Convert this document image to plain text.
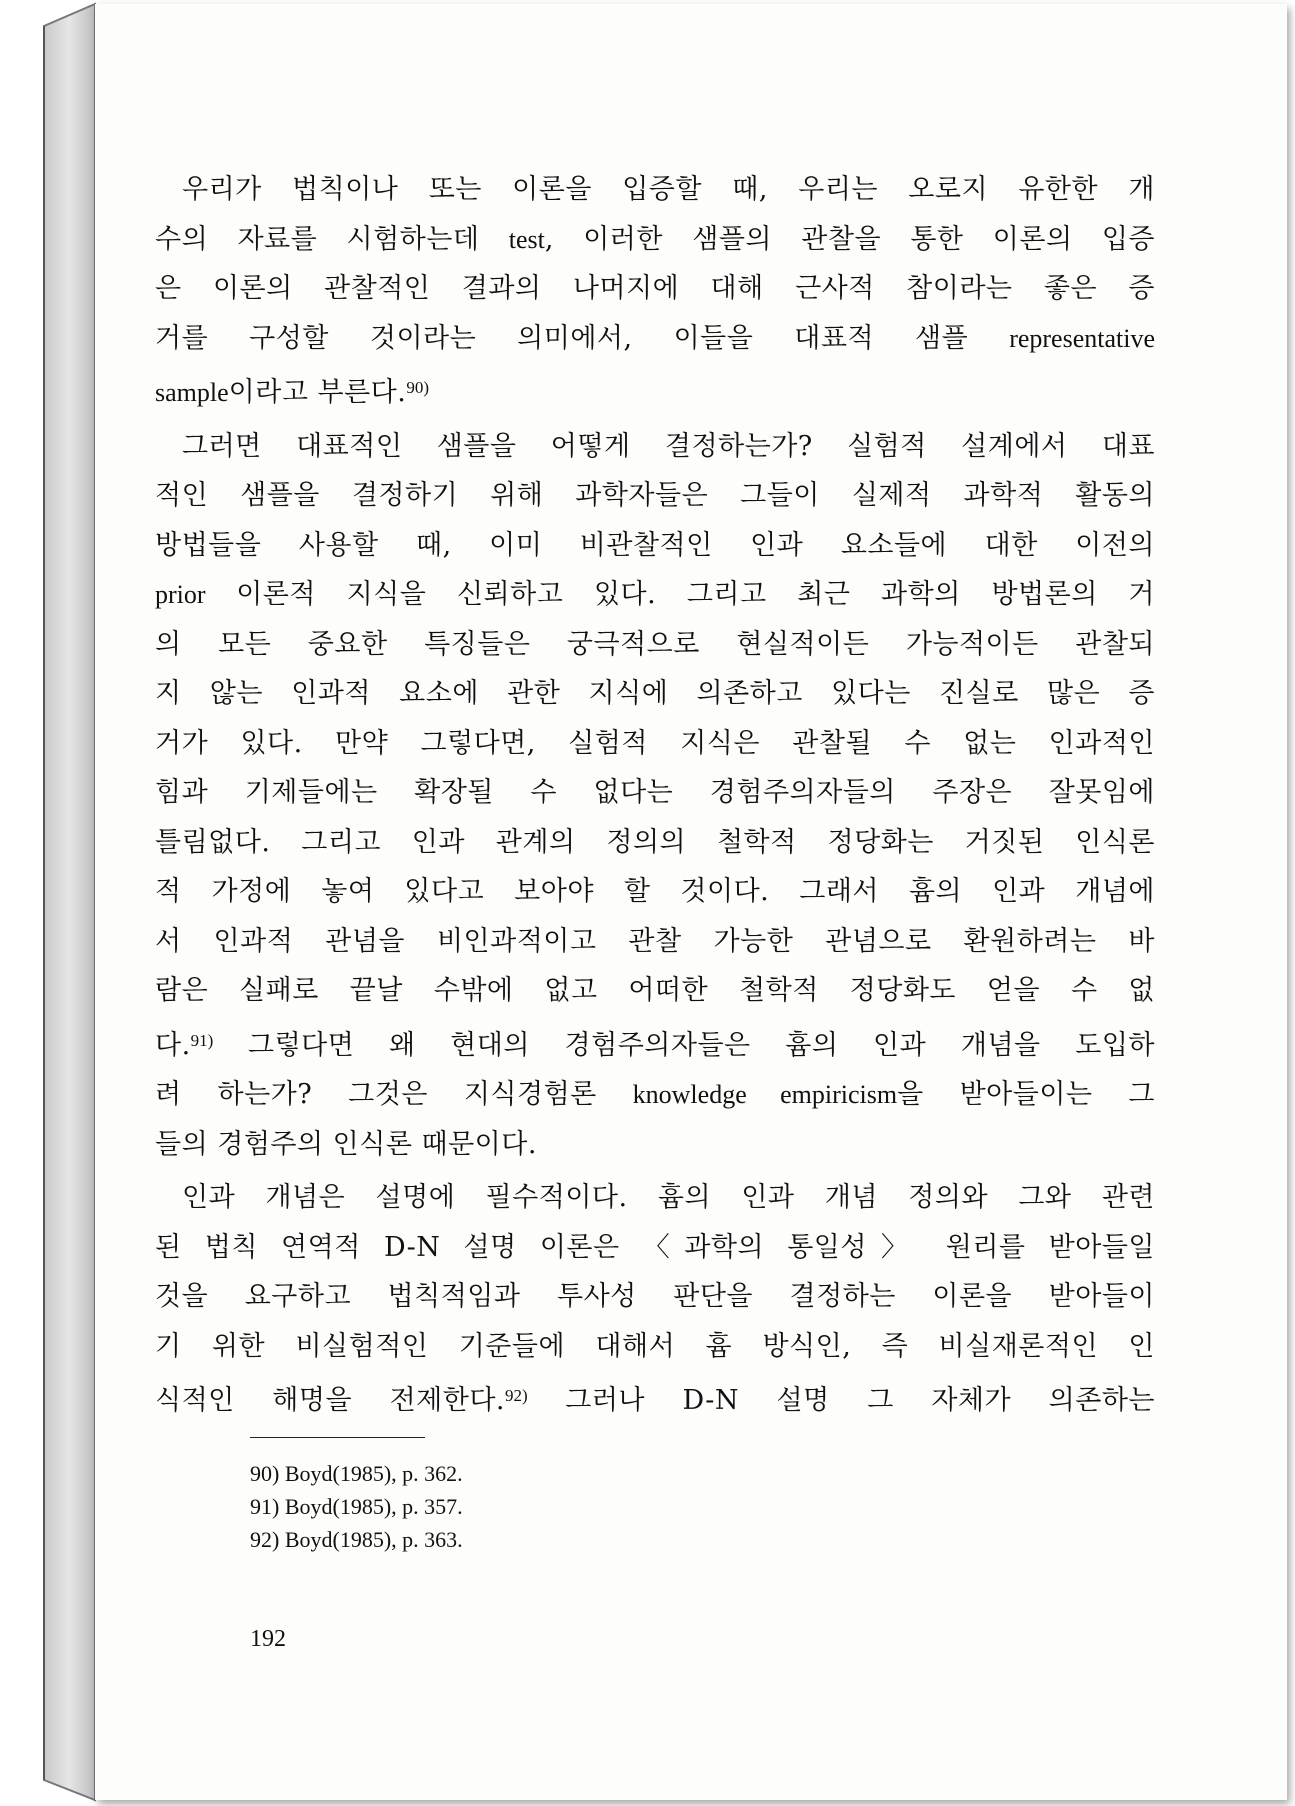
우리가 법칙이나 또는 이론을 입증할 때, 우리는 오로지 유한한 개
수의 자료를 시험하는데 test, 이러한 샘플의 관찰을 통한 이론의 입증
은 이론의 관찰적인 결과의 나머지에 대해 근사적 참이라는 좋은 증
거를 구성할 것이라는 의미에서, 이들을 대표적 샘플 representative
sample이라고 부른다.$^{90)}$

그러면 대표적인 샘플을 어떻게 결정하는가? 실험적 설계에서 대표
적인 샘플을 결정하기 위해 과학자들은 그들이 실제적 과학적 활동의
방법들을 사용할 때, 이미 비관찰적인 인과 요소들에 대한 이전의
prior 이론적 지식을 신뢰하고 있다. 그리고 최근 과학의 방법론의 거
의 모든 중요한 특징들은 궁극적으로 현실적이든 가능적이든 관찰되
지 않는 인과적 요소에 관한 지식에 의존하고 있다는 진실로 많은 증
거가 있다. 만약 그렇다면, 실험적 지식은 관찰될 수 없는 인과적인
힘과 기제들에는 확장될 수 없다는 경험주의자들의 주장은 잘못임에
틀림없다. 그리고 인과 관계의 정의의 철학적 정당화는 거짓된 인식론
적 가정에 놓여 있다고 보아야 할 것이다. 그래서 흄의 인과 개념에
서 인과적 관념을 비인과적이고 관찰 가능한 관념으로 환원하려는 바
람은 실패로 끝날 수밖에 없고 어떠한 철학적 정당화도 얻을 수 없
다.$^{91)}$ 그렇다면 왜 현대의 경험주의자들은 흄의 인과 개념을 도입하
려 하는가? 그것은 지식경험론 knowledge empiricism을 받아들이는 그
들의 경험주의 인식론 때문이다.

인과 개념은 설명에 필수적이다. 흄의 인과 개념 정의와 그와 관련
된 법칙 연역적 D-N 설명 이론은 〈과학의 통일성〉 원리를 받아들일
것을 요구하고 법칙적임과 투사성 판단을 결정하는 이론을 받아들이
기 위한 비실험적인 기준들에 대해서 흄 방식인, 즉 비실재론적인 인
식적인 해명을 전제한다.$^{92)}$ 그러나 D-N 설명 그 자체가 의존하는

90) Boyd(1985), p. 362.
91) Boyd(1985), p. 357.
92) Boyd(1985), p. 363.
192
